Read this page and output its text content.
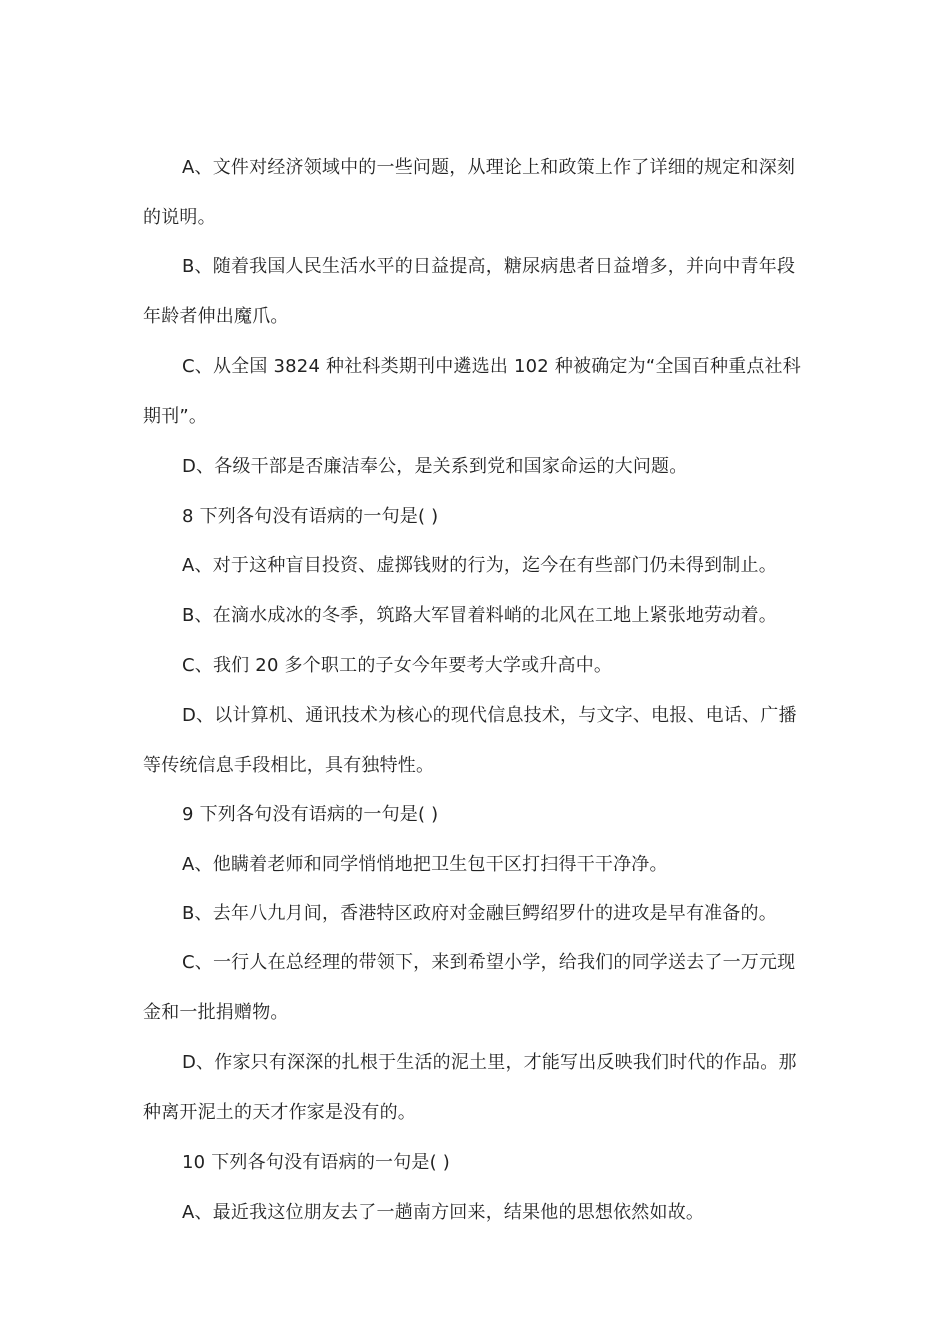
A、文件对经济领域中的一些问题，从理论上和政策上作了详细的规定和深刻的说明。

B、随着我国人民生活水平的日益提高，糖尿病患者日益增多，并向中青年段年龄者伸出魔爪。

C、从全国 3824 种社科类期刊中遴选出 102 种被确定为“全国百种重点社科期刊”。

D、各级干部是否廉洁奉公，是关系到党和国家命运的大问题。

8 下列各句没有语病的一句是( )

A、对于这种盲目投资、虚掷钱财的行为，迄今在有些部门仍未得到制止。

B、在滴水成冰的冬季，筑路大军冒着料峭的北风在工地上紧张地劳动着。

C、我们 20 多个职工的子女今年要考大学或升高中。

D、以计算机、通讯技术为核心的现代信息技术，与文字、电报、电话、广播等传统信息手段相比，具有独特性。

9 下列各句没有语病的一句是( )

A、他瞒着老师和同学悄悄地把卫生包干区打扫得干干净净。

B、去年八九月间，香港特区政府对金融巨鳄绍罗什的进攻是早有准备的。

C、一行人在总经理的带领下，来到希望小学，给我们的同学送去了一万元现金和一批捐赠物。

D、作家只有深深的扎根于生活的泥土里，才能写出反映我们时代的作品。那种离开泥土的天才作家是没有的。

10 下列各句没有语病的一句是( )

A、最近我这位朋友去了一趟南方回来，结果他的思想依然如故。
